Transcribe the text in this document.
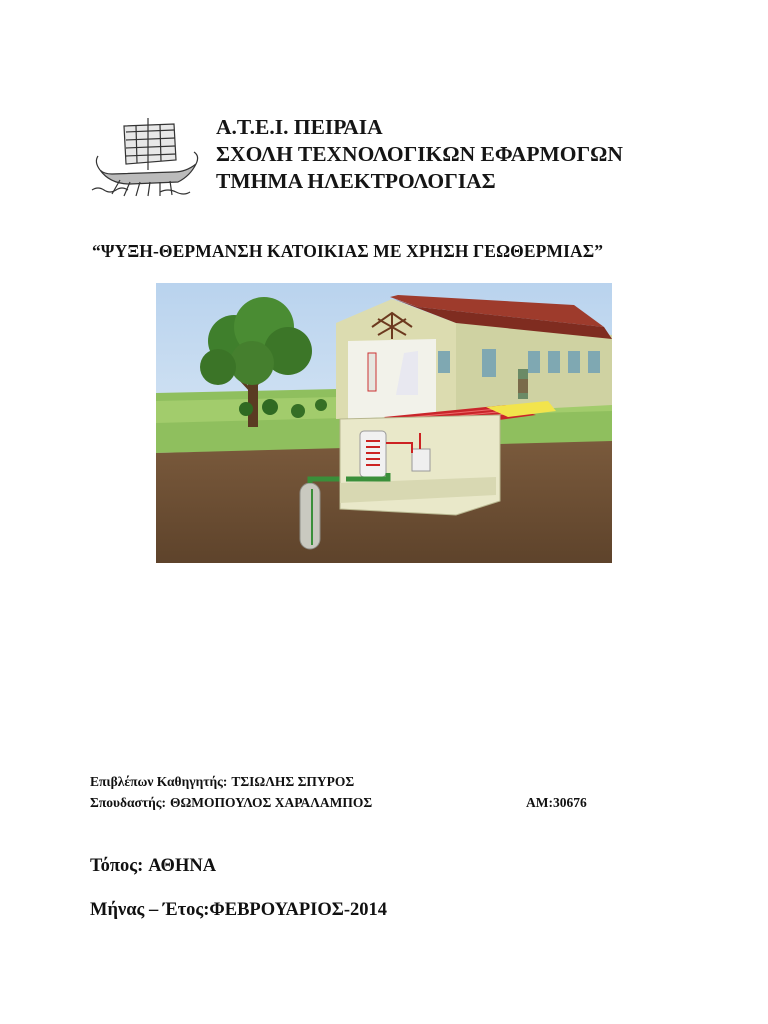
Α.Τ.Ε.Ι. ΠΕΙΡΑΙΑ
ΣΧΟΛΗ ΤΕΧΝΟΛΟΓΙΚΩΝ ΕΦΑΡΜΟΓΩΝ
ΤΜΗΜΑ ΗΛΕΚΤΡΟΛΟΓΙΑΣ
“ΨΥΞΗ-ΘΕΡΜΑΝΣΗ ΚΑΤΟΙΚΙΑΣ ΜΕ ΧΡΗΣΗ ΓΕΩΘΕΡΜΙΑΣ”
Επιβλέπων Καθηγητής: ΤΣΙΩΛΗΣ ΣΠΥΡΟΣ
Σπουδαστής: ΘΩΜΟΠΟΥΛΟΣ ΧΑΡΑΛΑΜΠΟΣ	ΑΜ:30676
Τόπος: ΑΘΗΝΑ
Μήνας – Έτος:ΦΕΒΡΟΥΑΡΙΟΣ-2014
